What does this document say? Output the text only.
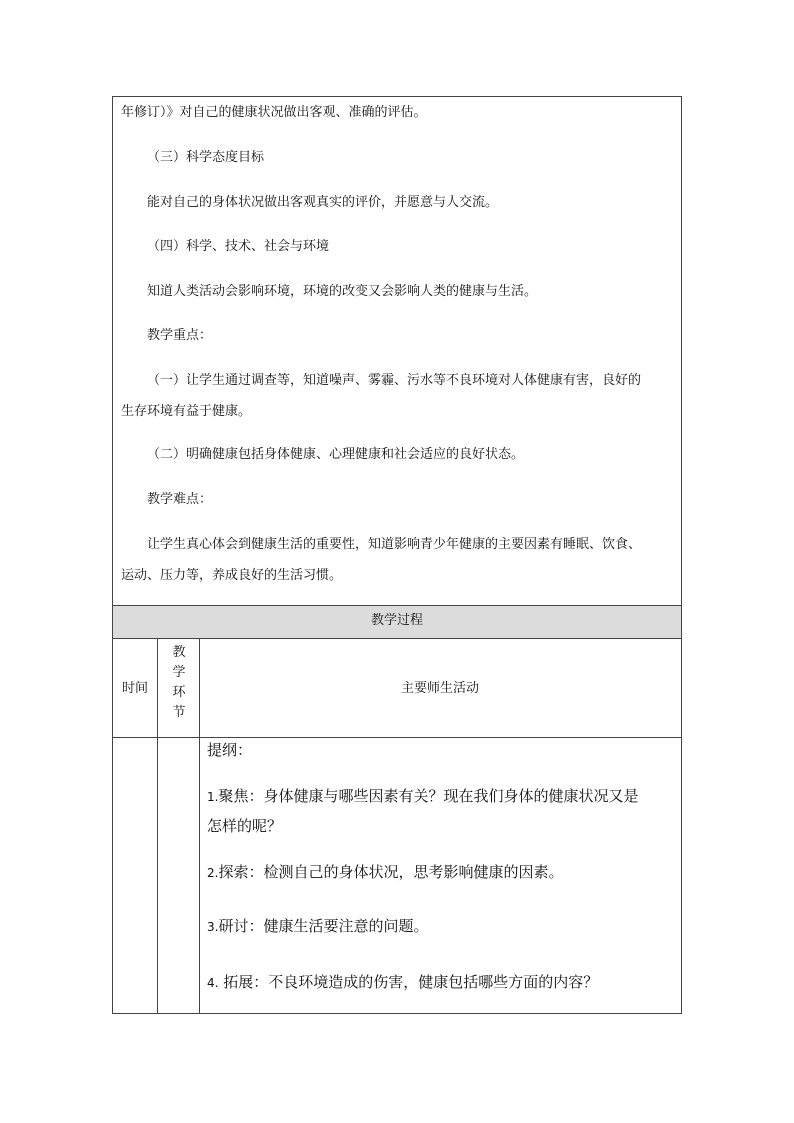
年修订）》对自己的健康状况做出客观、准确的评估。
（三）科学态度目标
能对自己的身体状况做出客观真实的评价，并愿意与人交流。
（四）科学、技术、社会与环境
知道人类活动会影响环境，环境的改变又会影响人类的健康与生活。
教学重点：
（一）让学生通过调查等，知道噪声、雾霾、污水等不良环境对人体健康有害，良好的
生存环境有益于健康。
（二）明确健康包括身体健康、心理健康和社会适应的良好状态。
教学难点：
让学生真心体会到健康生活的重要性，知道影响青少年健康的主要因素有睡眠、饮食、
运动、压力等，养成良好的生活习惯。
教学过程
时间
教
学
环
节
主要师生活动
提纲：
1.聚焦：身体健康与哪些因素有关？现在我们身体的健康状况又是
怎样的呢？
2.探索：检测自己的身体状况，思考影响健康的因素。
3.研讨：健康生活要注意的问题。
4. 拓展：不良环境造成的伤害，健康包括哪些方面的内容？
